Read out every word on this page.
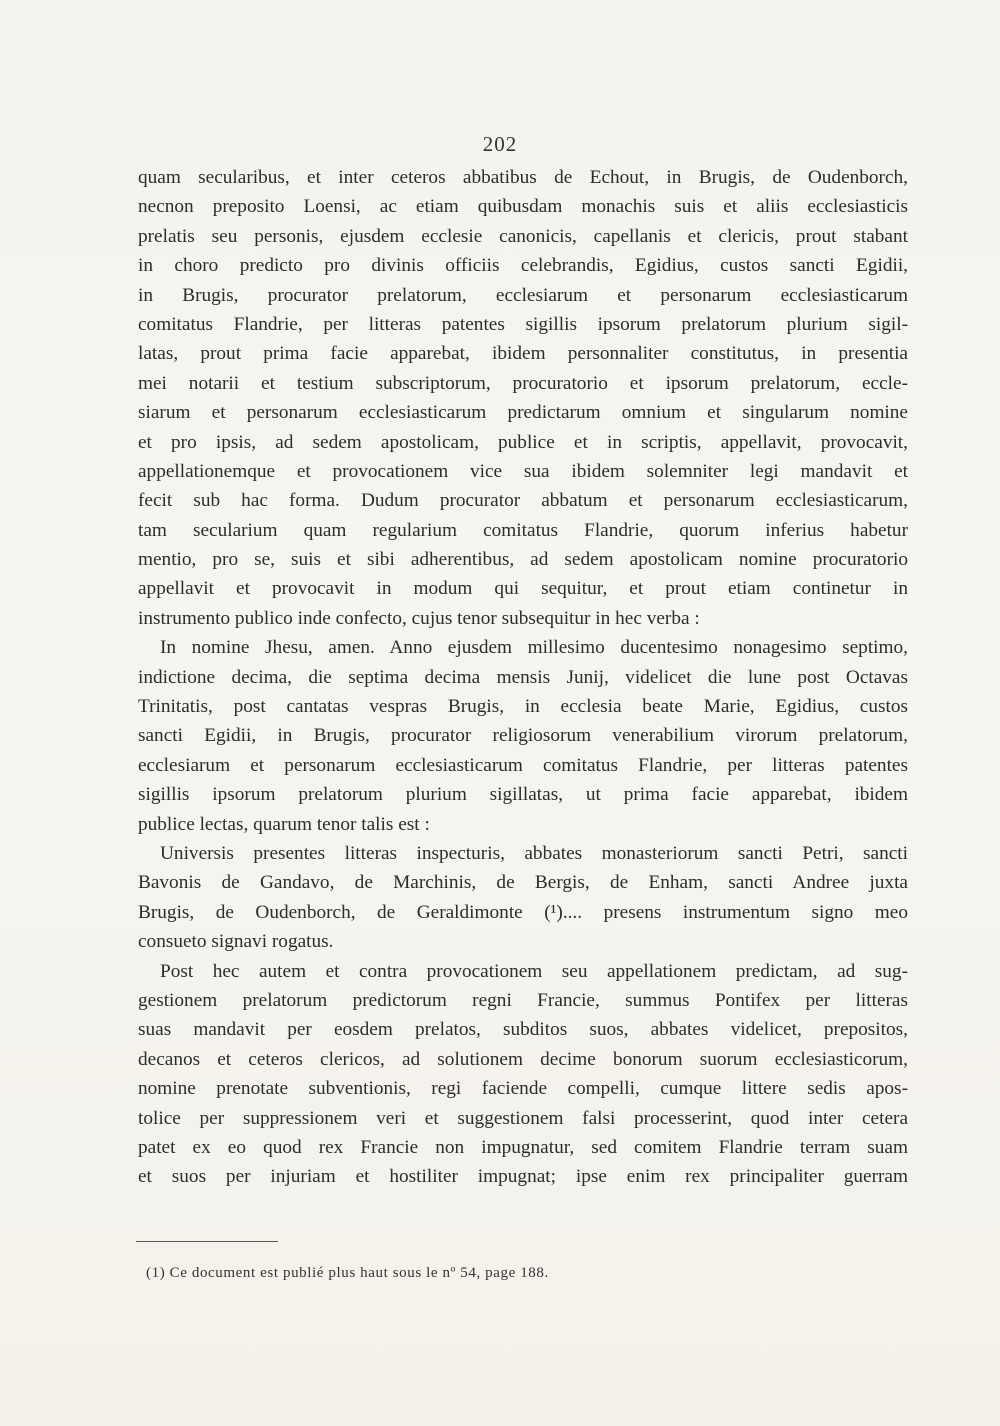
202
quam secularibus, et inter ceteros abbatibus de Echout, in Brugis, de Oudenborch,
necnon preposito Loensi, ac etiam quibusdam monachis suis et aliis ecclesiasticis
prelatis seu personis, ejusdem ecclesie canonicis, capellanis et clericis, prout stabant
in choro predicto pro divinis officiis celebrandis, Egidius, custos sancti Egidii,
in Brugis, procurator prelatorum, ecclesiarum et personarum ecclesiasticarum
comitatus Flandrie, per litteras patentes sigillis ipsorum prelatorum plurium sigil-
latas, prout prima facie apparebat, ibidem personnaliter constitutus, in presentia
mei notarii et testium subscriptorum, procuratorio et ipsorum prelatorum, eccle-
siarum et personarum ecclesiasticarum predictarum omnium et singularum nomine
et pro ipsis, ad sedem apostolicam, publice et in scriptis, appellavit, provocavit,
appellationemque et provocationem vice sua ibidem solemniter legi mandavit et
fecit sub hac forma. Dudum procurator abbatum et personarum ecclesiasticarum,
tam secularium quam regularium comitatus Flandrie, quorum inferius habetur
mentio, pro se, suis et sibi adherentibus, ad sedem apostolicam nomine procuratorio
appellavit et provocavit in modum qui sequitur, et prout etiam continetur in
instrumento publico inde confecto, cujus tenor subsequitur in hec verba :
In nomine Jhesu, amen. Anno ejusdem millesimo ducentesimo nonagesimo septimo,
indictione decima, die septima decima mensis Junij, videlicet die lune post Octavas
Trinitatis, post cantatas vespras Brugis, in ecclesia beate Marie, Egidius, custos
sancti Egidii, in Brugis, procurator religiosorum venerabilium virorum prelatorum,
ecclesiarum et personarum ecclesiasticarum comitatus Flandrie, per litteras patentes
sigillis ipsorum prelatorum plurium sigillatas, ut prima facie apparebat, ibidem
publice lectas, quarum tenor talis est :
Universis presentes litteras inspecturis, abbates monasteriorum sancti Petri, sancti
Bavonis de Gandavo, de Marchinis, de Bergis, de Enham, sancti Andree juxta
Brugis, de Oudenborch, de Geraldimonte (¹).... presens instrumentum signo meo
consueto signavi rogatus.
Post hec autem et contra provocationem seu appellationem predictam, ad sug-
gestionem prelatorum predictorum regni Francie, summus Pontifex per litteras
suas mandavit per eosdem prelatos, subditos suos, abbates videlicet, prepositos,
decanos et ceteros clericos, ad solutionem decime bonorum suorum ecclesiasticorum,
nomine prenotate subventionis, regi faciende compelli, cumque littere sedis apos-
tolice per suppressionem veri et suggestionem falsi processerint, quod inter cetera
patet ex eo quod rex Francie non impugnatur, sed comitem Flandrie terram suam
et suos per injuriam et hostiliter impugnat; ipse enim rex principaliter guerram
(1) Ce document est publié plus haut sous le nº 54, page 188.
